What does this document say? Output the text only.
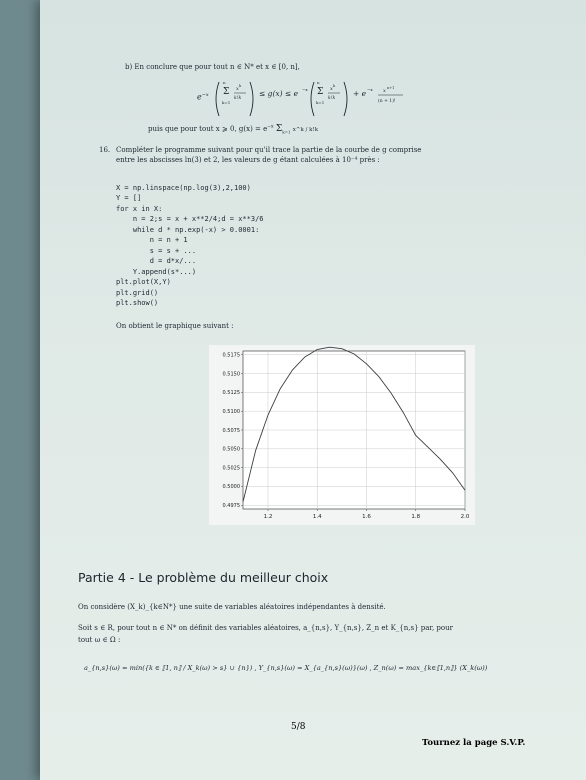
b) En conclure que pour tout n ∈ N* et x ∈ [0, n],
$e^{-x}$ Σ
n
k=1
x k
k!k
≤ g(x) ≤ e −x Σ
n
k=1
x k
k!k
+ e −x x n+1
(n + 1)!
puis que pour tout x ⩾ 0, $g(x) = e^{-x}$ $\Sigma_{k=1}$ x^k / k!k
16. Compléter le programme suivant pour qu'il trace la partie de la courbe de g comprise
entre les abscisses ln(3) et 2, les valeurs de g étant calculées à 10⁻⁴ près :

X = np.linspace(np.log(3),2,100)
Y = []
for x in X:
n = 2;s = x + x**2/4;d = x**3/6
while d * np.exp(-x) > 0.0001:
n = n + 1
s = s + ...
d = d*x/...
Y.append(s*...)
plt.plot(X,Y)
plt.grid()
plt.show()

On obtient le graphique suivant :
1.2	1.4	1.6	1.8	2.0
0.4975
0.5000
0.5025
0.5050
0.5075
0.5100
0.5125
0.5150
0.5175
Partie 4 - Le problème du meilleur choix
On considère (X_k)_{k∈N*} une suite de variables aléatoires indépendantes à densité.
Soit s ∈ R, pour tout n ∈ N* on définit des variables aléatoires, a_{n,s}, Y_{n,s}, Z_n et K_{n,s} par, pour
tout ω ∈ Ω :
a_{n,s}(ω) = min({k ∈ ⟦1, n⟧ / X_k(ω) > s} ∪ {n}) , Y_{n,s}(ω) = X_{a_{n,s}(ω)}(ω) , Z_n(ω) = max_{k∈⟦1,n⟧} (X_k(ω))
5/8
Tournez la page S.V.P.
